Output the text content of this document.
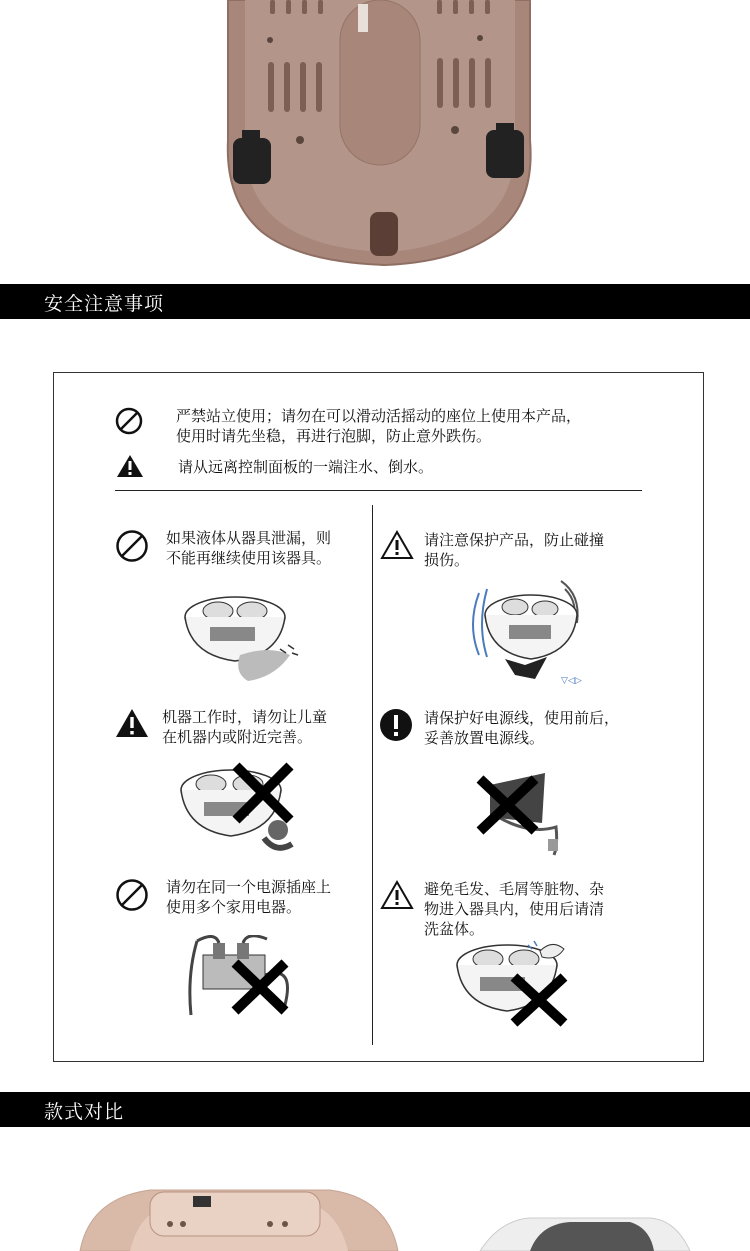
安全注意事项
严禁站立使用；请勿在可以滑动活摇动的座位上使用本产品，
使用时请先坐稳，再进行泡脚，防止意外跌伤。
请从远离控制面板的一端注水、倒水。
如果液体从器具泄漏，则
不能再继续使用该器具。
机器工作时，请勿让儿童
在机器内或附近完善。
请勿在同一个电源插座上
使用多个家用电器。
请注意保护产品，防止碰撞
损伤。
▽◁▷
请保护好电源线，使用前后，
妥善放置电源线。
避免毛发、毛屑等脏物、杂
物进入器具内，使用后请清
洗盆体。
款式对比
